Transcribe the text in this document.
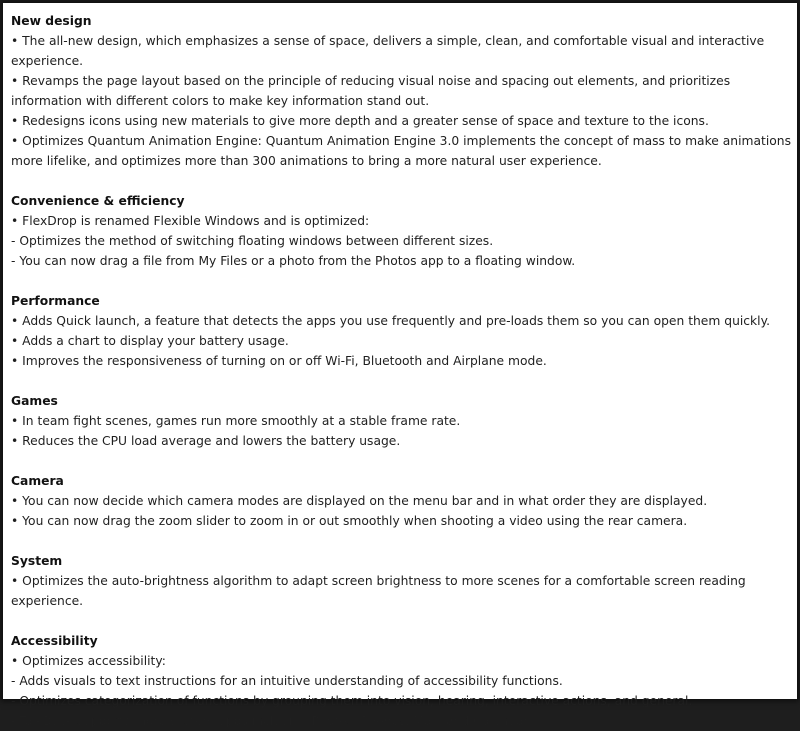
New design

• The all-new design, which emphasizes a sense of space, delivers a simple, clean, and comfortable visual and interactive experience.

• Revamps the page layout based on the principle of reducing visual noise and spacing out elements, and prioritizes information with different colors to make key information stand out.

• Redesigns icons using new materials to give more depth and a greater sense of space and texture to the icons.

• Optimizes Quantum Animation Engine: Quantum Animation Engine 3.0 implements the concept of mass to make animations more lifelike, and optimizes more than 300 animations to bring a more natural user experience.

Convenience & efficiency

• FlexDrop is renamed Flexible Windows and is optimized:

- Optimizes the method of switching floating windows between different sizes.

- You can now drag a file from My Files or a photo from the Photos app to a floating window.

Performance

• Adds Quick launch, a feature that detects the apps you use frequently and pre-loads them so you can open them quickly.

• Adds a chart to display your battery usage.

• Improves the responsiveness of turning on or off Wi-Fi, Bluetooth and Airplane mode.

Games

• In team fight scenes, games run more smoothly at a stable frame rate.

• Reduces the CPU load average and lowers the battery usage.

Camera

• You can now decide which camera modes are displayed on the menu bar and in what order they are displayed.

• You can now drag the zoom slider to zoom in or out smoothly when shooting a video using the rear camera.

System

• Optimizes the auto-brightness algorithm to adapt screen brightness to more scenes for a comfortable screen reading experience.

Accessibility

• Optimizes accessibility:

- Adds visuals to text instructions for an intuitive understanding of accessibility functions.

- Optimizes categorization of functions by grouping them into vision, hearing, interactive actions, and general.

- TalkBack supports more system apps including Photos, Phones, Mail, and Calendar.
